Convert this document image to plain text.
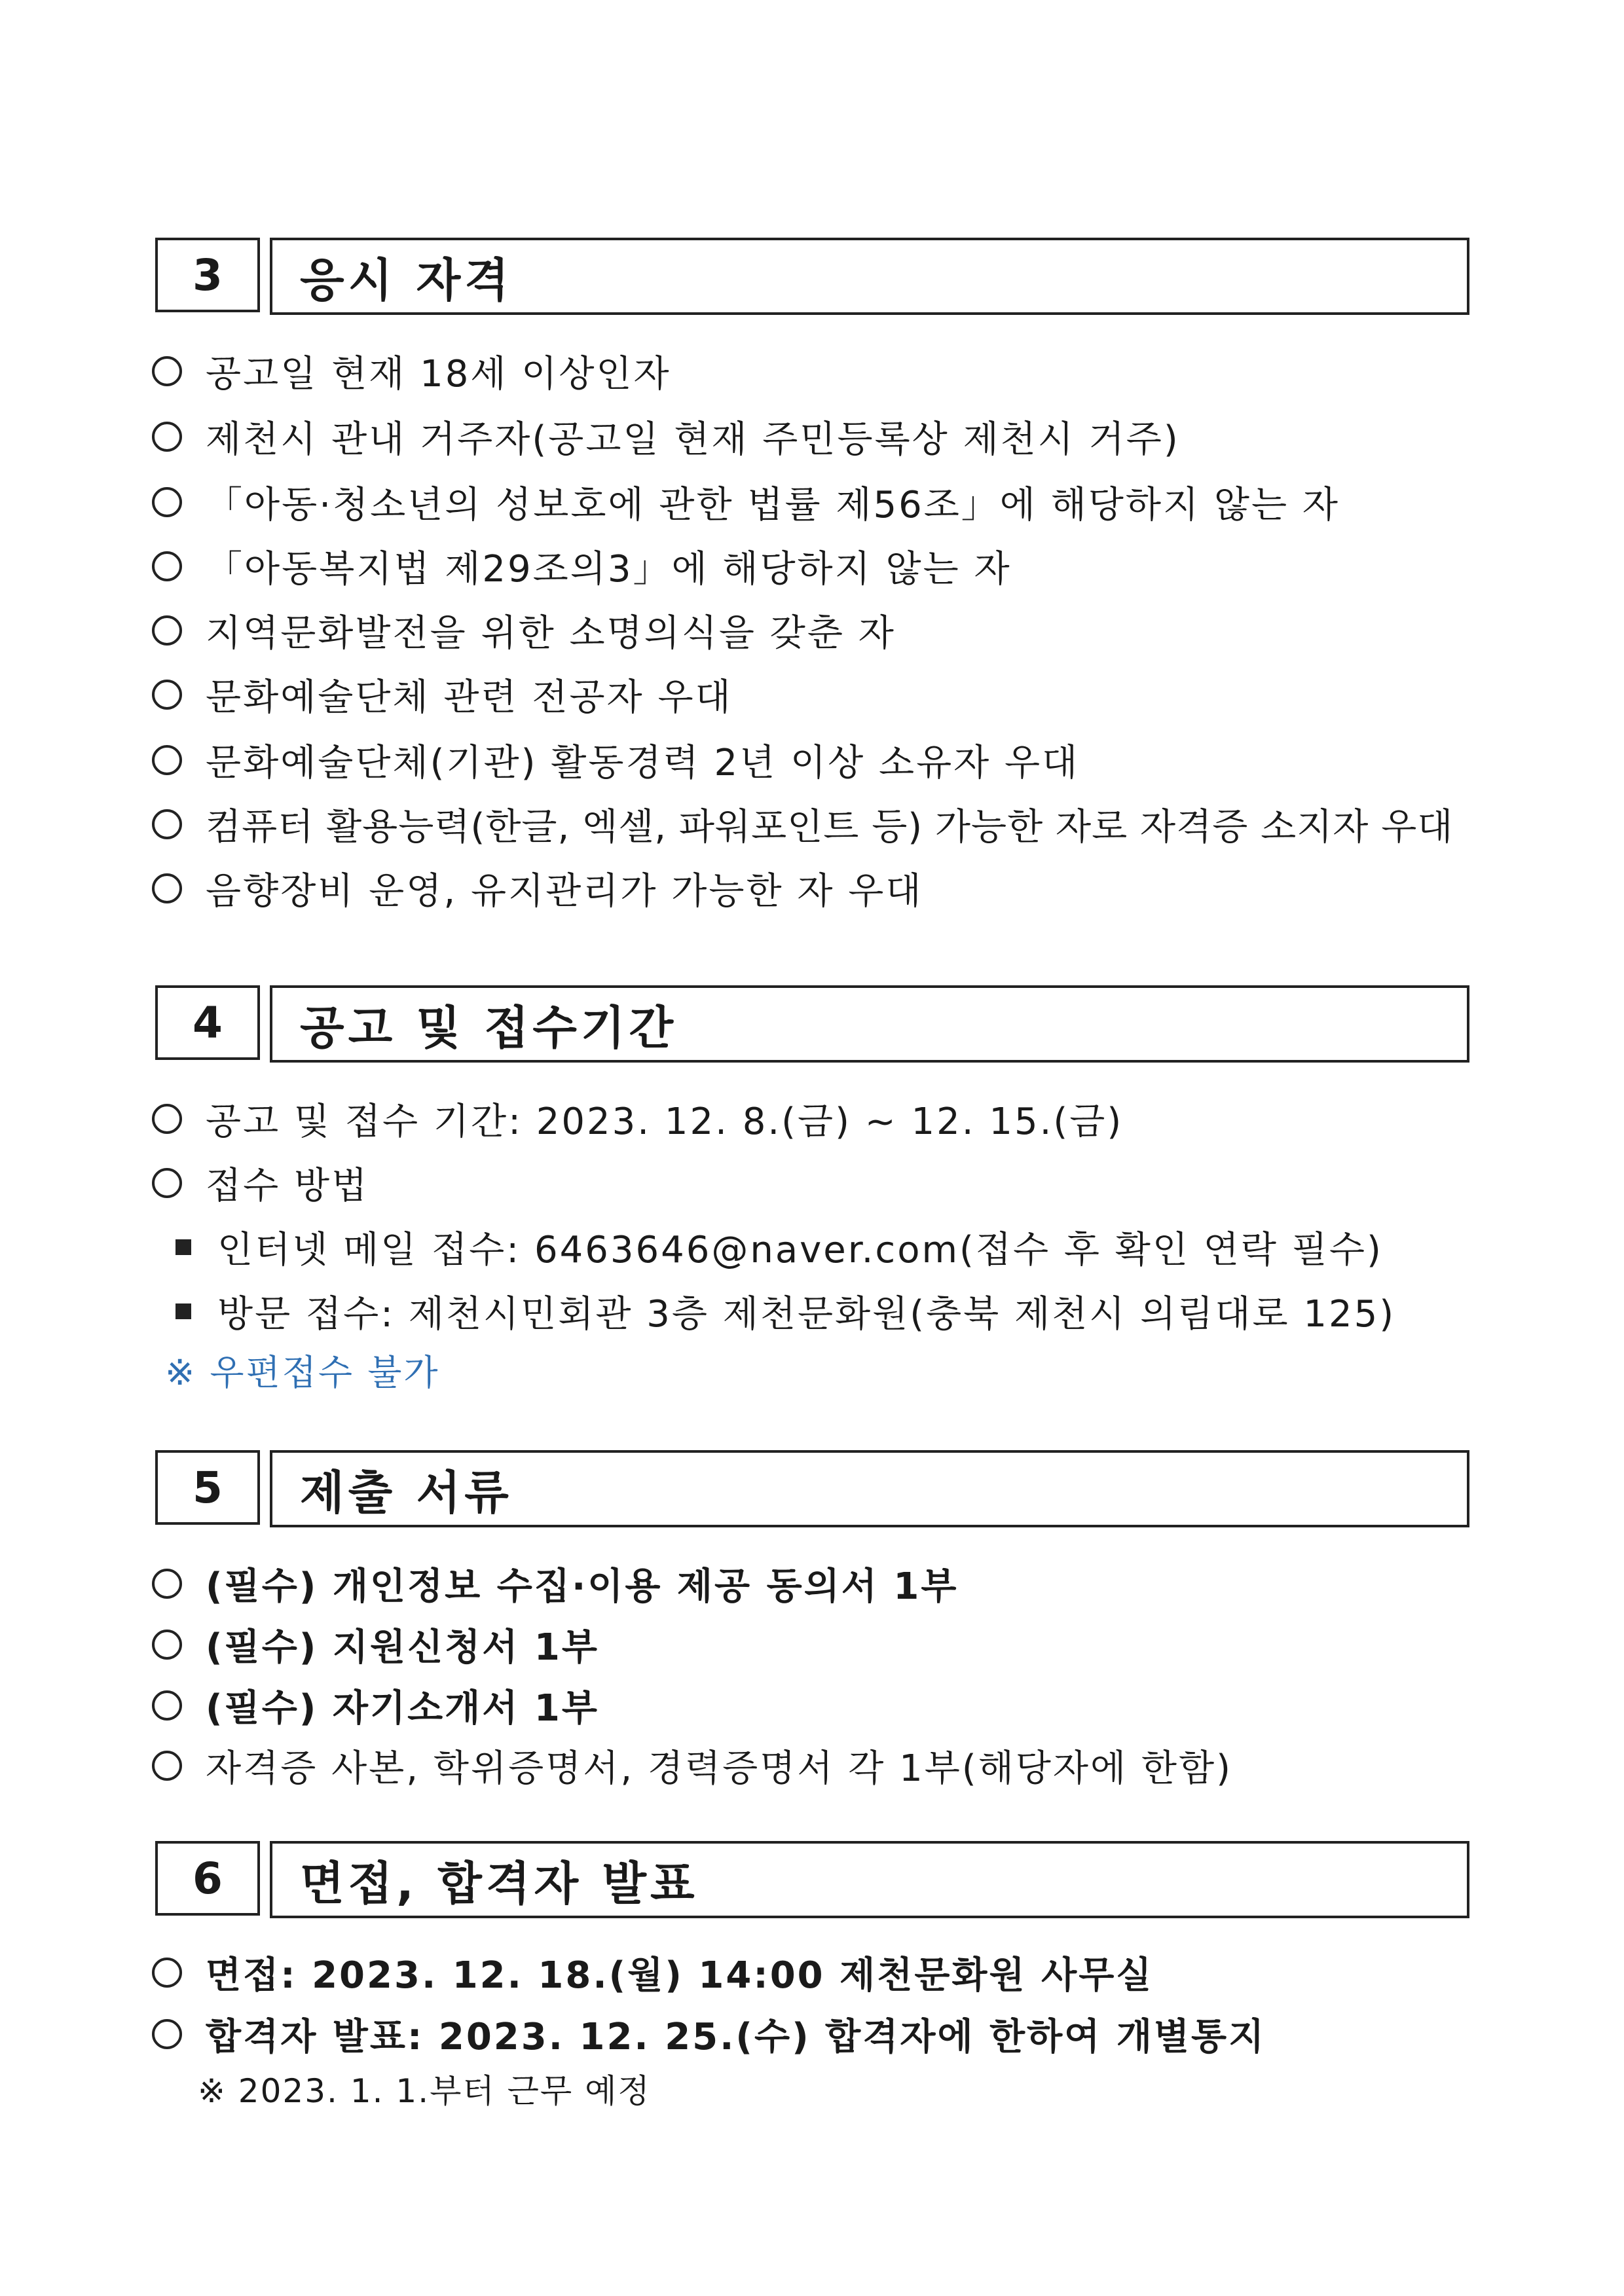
3	응시 자격
공고일 현재 18세 이상인자
제천시 관내 거주자(공고일 현재 주민등록상 제천시 거주)
「아동·청소년의 성보호에 관한 법률 제56조」에 해당하지 않는 자
「아동복지법 제29조의3」에 해당하지 않는 자
지역문화발전을 위한 소명의식을 갖춘 자
문화예술단체 관련 전공자 우대
문화예술단체(기관) 활동경력 2년 이상 소유자 우대
컴퓨터 활용능력(한글, 엑셀, 파워포인트 등) 가능한 자로 자격증 소지자 우대
음향장비 운영, 유지관리가 가능한 자 우대
4	공고 및 접수기간
공고 및 접수 기간: 2023. 12. 8.(금) ~ 12. 15.(금)
접수 방법
인터넷 메일 접수: 6463646@naver.com(접수 후 확인 연락 필수)
방문 접수: 제천시민회관 3층 제천문화원(충북 제천시 의림대로 125)
※ 우편접수 불가
5	제출 서류
(필수) 개인정보 수집·이용 제공 동의서 1부
(필수) 지원신청서 1부
(필수) 자기소개서 1부
자격증 사본, 학위증명서, 경력증명서 각 1부(해당자에 한함)
6	면접, 합격자 발표
면접: 2023. 12. 18.(월) 14:00 제천문화원 사무실
합격자 발표: 2023. 12. 25.(수) 합격자에 한하여 개별통지
※ 2023. 1. 1.부터 근무 예정
